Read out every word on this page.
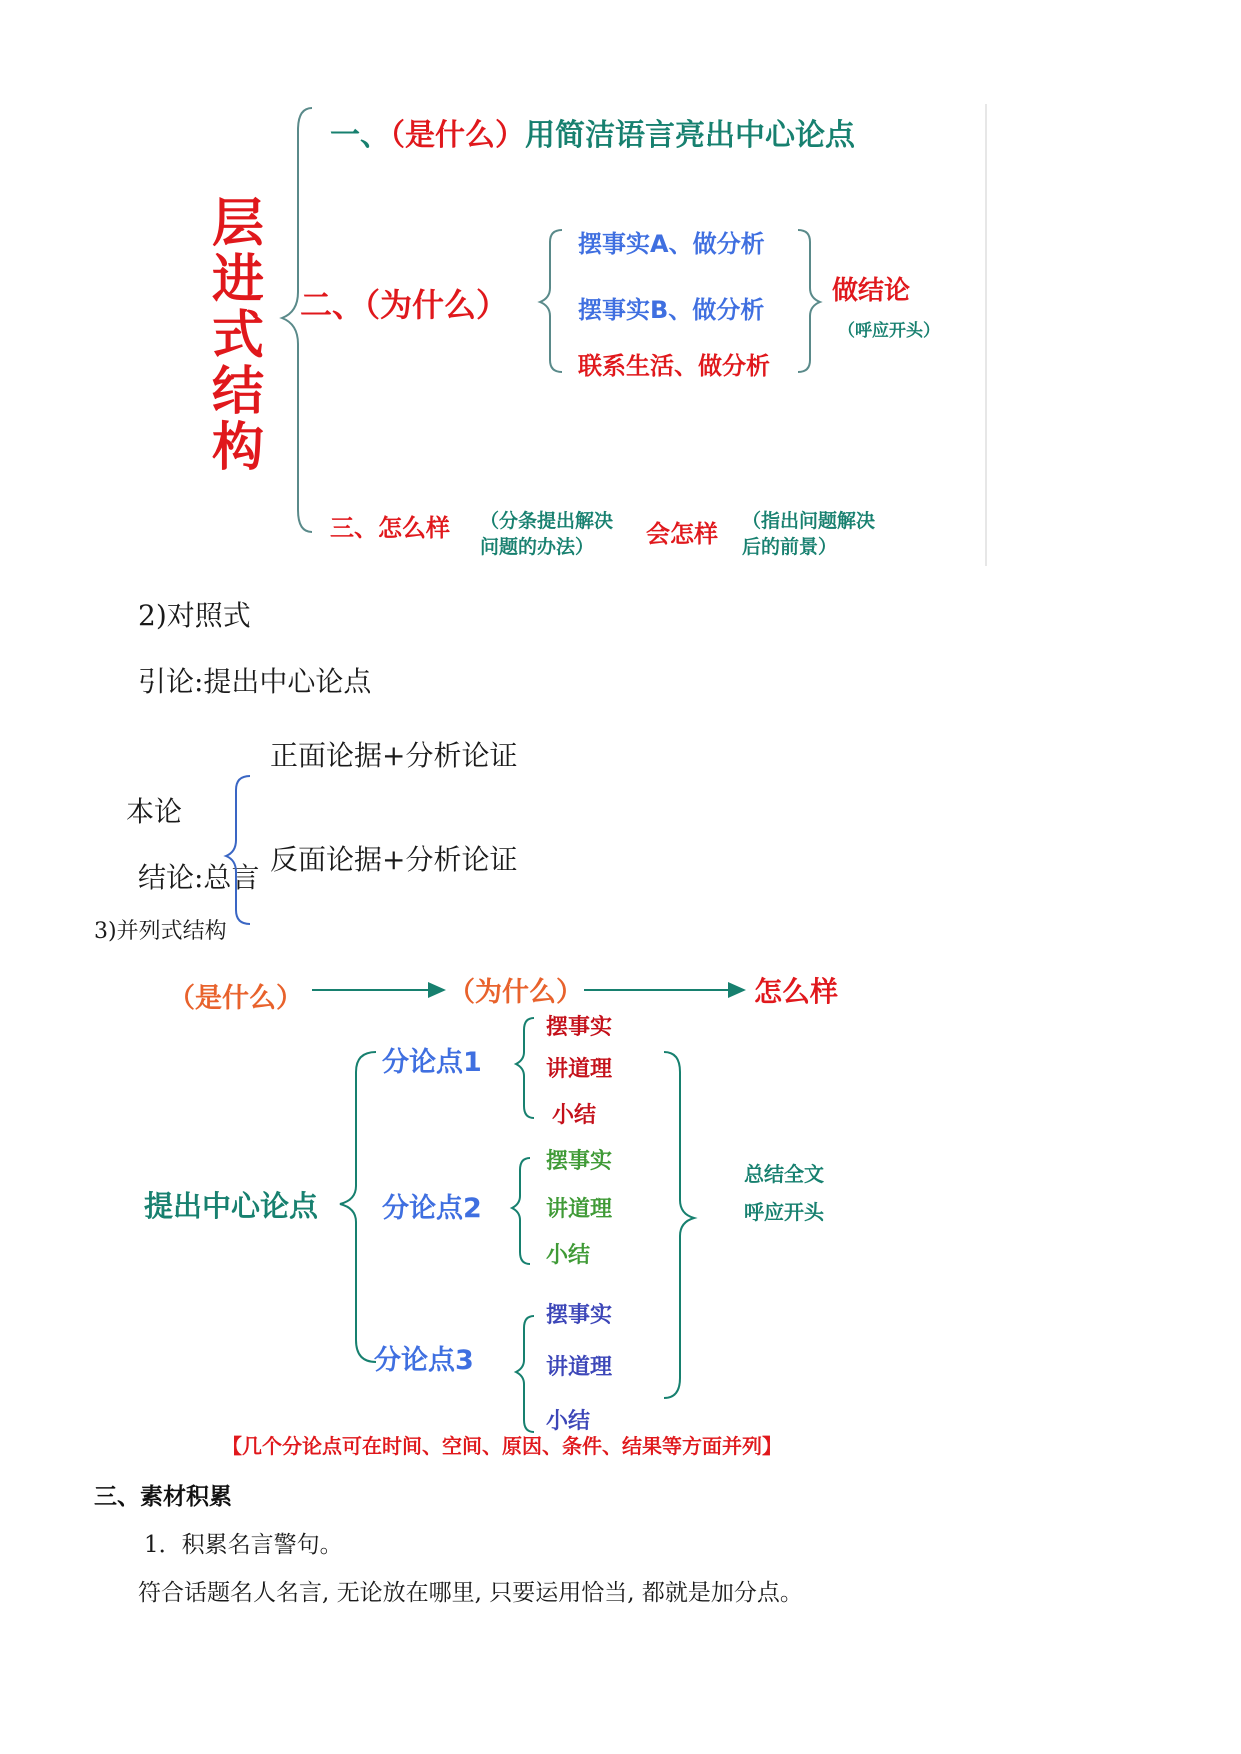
层
进
式
结
构
一、（是什么）用简洁语言亮出中心论点
二、（为什么）
摆事实A、做分析
摆事实B、做分析
联系生活、做分析
做结论
（呼应开头）
三、怎么样 （分条提出解决
问题的办法）	会怎样 （指出问题解决
后的前景）
2)对照式
引论:提出中心论点
正面论据+分析论证
本论
反面论据+分析论证
结论:总言
3)并列式结构
（是什么）	（为什么）	怎么样
提出中心论点
分论点1
摆事实
讲道理
小结
分论点2
摆事实
讲道理
小结
分论点3
摆事实
讲道理
小结
总结全文
呼应开头
【几个分论点可在时间、空间、原因、条件、结果等方面并列】
三、素材积累
1．积累名言警句。
符合话题名人名言, 无论放在哪里, 只要运用恰当, 都就是加分点。
